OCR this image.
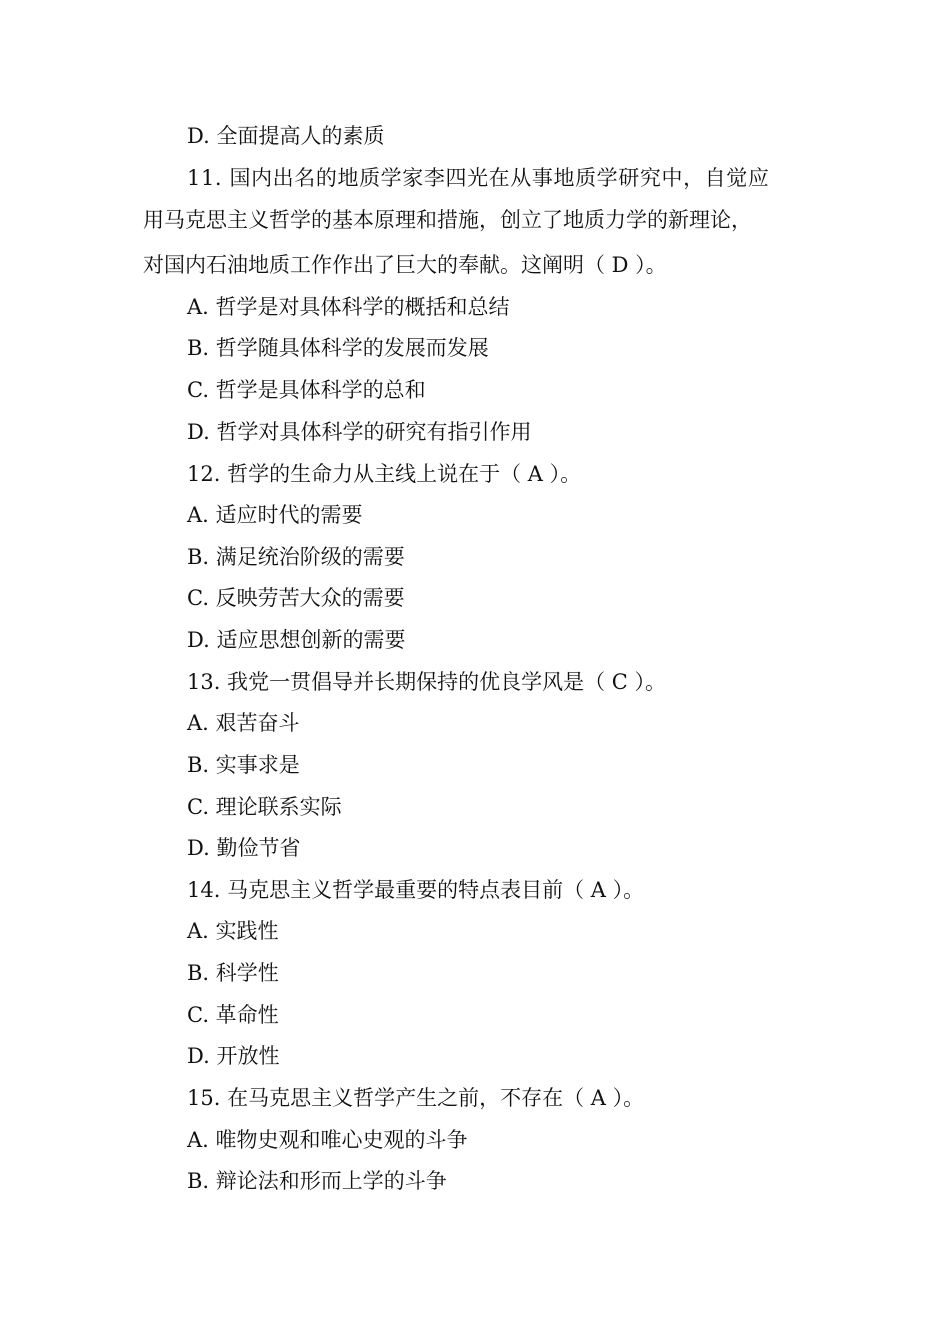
D. 全面提高人的素质
11. 国内出名的地质学家李四光在从事地质学研究中，自觉应
用马克思主义哲学的基本原理和措施，创立了地质力学的新理论，
对国内石油地质工作作出了巨大的奉献。这阐明（ D ）。
A. 哲学是对具体科学的概括和总结
B. 哲学随具体科学的发展而发展
C. 哲学是具体科学的总和
D. 哲学对具体科学的研究有指引作用
12. 哲学的生命力从主线上说在于（ A ）。
A. 适应时代的需要
B. 满足统治阶级的需要
C. 反映劳苦大众的需要
D. 适应思想创新的需要
13. 我党一贯倡导并长期保持的优良学风是（ C ）。
A. 艰苦奋斗
B. 实事求是
C. 理论联系实际
D. 勤俭节省
14. 马克思主义哲学最重要的特点表目前（ A ）。
A. 实践性
B. 科学性
C. 革命性
D. 开放性
15. 在马克思主义哲学产生之前，不存在（ A ）。
A. 唯物史观和唯心史观的斗争
B. 辩论法和形而上学的斗争
